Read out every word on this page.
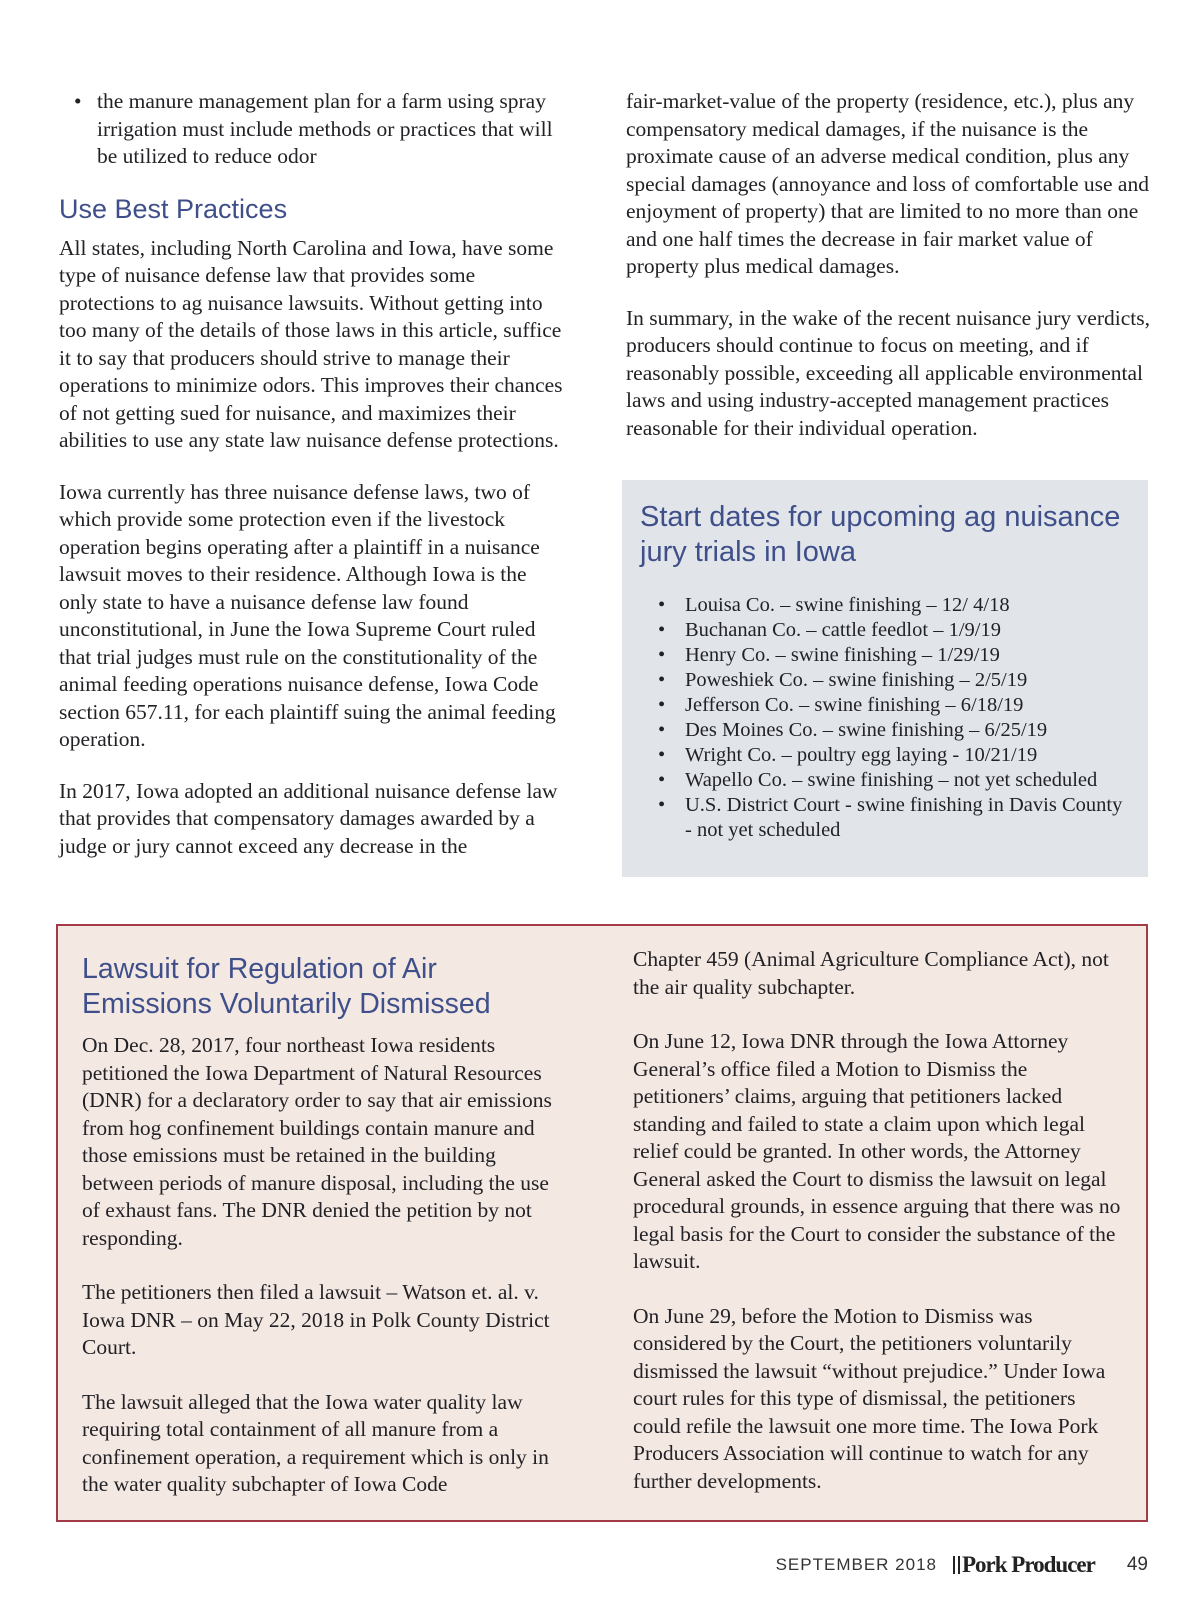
• the manure management plan for a farm using spray irrigation must include methods or practices that will be utilized to reduce odor
Use Best Practices

All states, including North Carolina and Iowa, have some type of nuisance defense law that provides some protections to ag nuisance lawsuits. Without getting into too many of the details of those laws in this article, suffice it to say that producers should strive to manage their operations to minimize odors. This improves their chances of not getting sued for nuisance, and maximizes their abilities to use any state law nuisance defense protections.

Iowa currently has three nuisance defense laws, two of which provide some protection even if the livestock operation begins operating after a plaintiff in a nuisance lawsuit moves to their residence. Although Iowa is the only state to have a nuisance defense law found unconstitutional, in June the Iowa Supreme Court ruled that trial judges must rule on the constitutionality of the animal feeding operations nuisance defense, Iowa Code section 657.11, for each plaintiff suing the animal feeding operation.

In 2017, Iowa adopted an additional nuisance defense law that provides that compensatory damages awarded by a judge or jury cannot exceed any decrease in the

fair-market-value of the property (residence, etc.), plus any compensatory medical damages, if the nuisance is the proximate cause of an adverse medical condition, plus any special damages (annoyance and loss of comfortable use and enjoyment of property) that are limited to no more than one and one half times the decrease in fair market value of property plus medical damages.

In summary, in the wake of the recent nuisance jury verdicts, producers should continue to focus on meeting, and if reasonably possible, exceeding all applicable environmental laws and using industry-accepted management practices reasonable for their individual operation.

Start dates for upcoming ag nuisance jury trials in Iowa
• Louisa Co. – swine finishing – 12/ 4/18
• Buchanan Co. – cattle feedlot – 1/9/19
• Henry Co. – swine finishing – 1/29/19
• Poweshiek Co. – swine finishing – 2/5/19
• Jefferson Co. – swine finishing – 6/18/19
• Des Moines Co. – swine finishing – 6/25/19
• Wright Co. – poultry egg laying - 10/21/19
• Wapello Co. – swine finishing – not yet scheduled
• U.S. District Court - swine finishing in Davis County - not yet scheduled
Lawsuit for Regulation of Air Emissions Voluntarily Dismissed

On Dec. 28, 2017, four northeast Iowa residents petitioned the Iowa Department of Natural Resources (DNR) for a declaratory order to say that air emissions from hog confinement buildings contain manure and those emissions must be retained in the building between periods of manure disposal, including the use of exhaust fans. The DNR denied the petition by not responding.

The petitioners then filed a lawsuit – Watson et. al. v. Iowa DNR – on May 22, 2018 in Polk County District Court.

The lawsuit alleged that the Iowa water quality law requiring total containment of all manure from a confinement operation, a requirement which is only in the water quality subchapter of Iowa Code

Chapter 459 (Animal Agriculture Compliance Act), not the air quality subchapter.

On June 12, Iowa DNR through the Iowa Attorney General’s office filed a Motion to Dismiss the petitioners’ claims, arguing that petitioners lacked standing and failed to state a claim upon which legal relief could be granted. In other words, the Attorney General asked the Court to dismiss the lawsuit on legal procedural grounds, in essence arguing that there was no legal basis for the Court to consider the substance of the lawsuit.

On June 29, before the Motion to Dismiss was considered by the Court, the petitioners voluntarily dismissed the lawsuit “without prejudice.” Under Iowa court rules for this type of dismissal, the petitioners could refile the lawsuit one more time. The Iowa Pork Producers Association will continue to watch for any further developments.

SEPTEMBER 2018 Pork Producer 49
